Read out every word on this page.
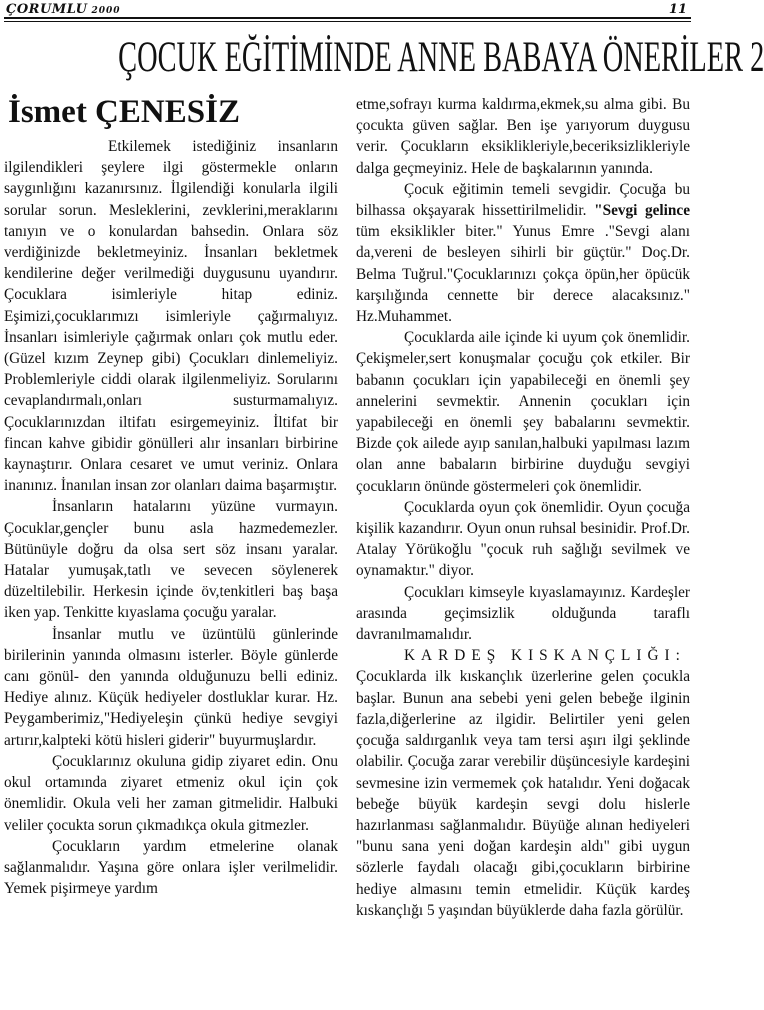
ÇORUMLU 2000	11
ÇOCUK EĞİTİMİNDE ANNE BABAYA ÖNERİLER 2
İsmet ÇENESİZ

Etkilemek istediğiniz insanların ilgilendikleri şeylere ilgi göstermekle onların saygınlığını kazanırsınız. İlgilendiği konularla ilgili sorular sorun. Mesleklerini, zevklerini,meraklarını tanıyın ve o konulardan bahsedin. Onlara söz verdiğinizde bekletmeyiniz. İnsanları bekletmek kendilerine değer verilmediği duygusunu uyandırır. Çocuklara isimleriyle hitap ediniz. Eşimizi,çocuklarımızı isimleriyle çağırmalıyız. İnsanları isimleriyle çağırmak onları çok mutlu eder. (Güzel kızım Zeynep gibi) Çocukları dinlemeliyiz. Problemleriyle ciddi olarak ilgilenmeliyiz. Sorularını cevaplandırmalı,onları susturmamalıyız. Çocuklarınızdan iltifatı esirgemeyiniz. İltifat bir fincan kahve gibidir gönülleri alır insanları birbirine kaynaştırır. Onlara cesaret ve umut veriniz. Onlara inanınız. İnanılan insan zor olanları daima başarmıştır.

İnsanların hatalarını yüzüne vurmayın. Çocuklar,gençler bunu asla hazmedemezler. Bütünüyle doğru da olsa sert söz insanı yaralar. Hatalar yumuşak,tatlı ve sevecen söylenerek düzeltilebilir. Herkesin içinde öv,tenkitleri baş başa iken yap. Tenkitte kıyaslama çocuğu yaralar.

İnsanlar mutlu ve üzüntülü günlerinde birilerinin yanında olmasını isterler. Böyle günlerde canı gönül- den yanında olduğunuzu belli ediniz. Hediye alınız. Küçük hediyeler dostluklar kurar. Hz. Peygamberimiz,"Hediyeleşin çünkü hediye sevgiyi artırır,kalpteki kötü hisleri giderir" buyurmuşlardır.

Çocuklarınız okuluna gidip ziyaret edin. Onu okul ortamında ziyaret etmeniz okul için çok önemlidir. Okula veli her zaman gitmelidir. Halbuki veliler çocukta sorun çıkmadıkça okula gitmezler.

Çocukların yardım etmelerine olanak sağlanmalıdır. Yaşına göre onlara işler verilmelidir. Yemek pişirmeye yardım

etme,sofrayı kurma kaldırma,ekmek,su alma gibi. Bu çocukta güven sağlar. Ben işe yarıyorum duygusu verir. Çocukların eksiklikleriyle,beceriksizlikleriyle dalga geçmeyiniz. Hele de başkalarının yanında.

Çocuk eğitimin temeli sevgidir. Çocuğa bu bilhassa okşayarak hissettirilmelidir. "Sevgi gelince tüm eksiklikler biter." Yunus Emre ."Sevgi alanı da,vereni de besleyen sihirli bir güçtür." Doç.Dr. Belma Tuğrul."Çocuklarınızı çokça öpün,her öpücük karşılığında cennette bir derece alacaksınız." Hz.Muhammet.

Çocuklarda aile içinde ki uyum çok önemlidir. Çekişmeler,sert konuşmalar çocuğu çok etkiler. Bir babanın çocukları için yapabileceği en önemli şey annelerini sevmektir. Annenin çocukları için yapabileceği en önemli şey babalarını sevmektir. Bizde çok ailede ayıp sanılan,halbuki yapılması lazım olan anne babaların birbirine duyduğu sevgiyi çocukların önünde göstermeleri çok önemlidir.

Çocuklarda oyun çok önemlidir. Oyun çocuğa kişilik kazandırır. Oyun onun ruhsal besinidir. Prof.Dr. Atalay Yörükoğlu "çocuk ruh sağlığı sevilmek ve oynamaktır." diyor.

Çocukları kimseyle kıyaslamayınız. Kardeşler arasında geçimsizlik olduğunda taraflı davranılmamalıdır.

KARDEŞ KISKANÇLIĞI:

Çocuklarda ilk kıskançlık üzerlerine gelen çocukla başlar. Bunun ana sebebi yeni gelen bebeğe ilginin fazla,diğerlerine az ilgidir. Belirtiler yeni gelen çocuğa saldırganlık veya tam tersi aşırı ilgi şeklinde olabilir. Çocuğa zarar verebilir düşüncesiyle kardeşini sevmesine izin vermemek çok hatalıdır. Yeni doğacak bebeğe büyük kardeşin sevgi dolu hislerle hazırlanması sağlanmalıdır. Büyüğe alınan hediyeleri "bunu sana yeni doğan kardeşin aldı" gibi uygun sözlerle faydalı olacağı gibi,çocukların birbirine hediye almasını temin etmelidir. Küçük kardeş kıskançlığı 5 yaşından büyüklerde daha fazla görülür.
